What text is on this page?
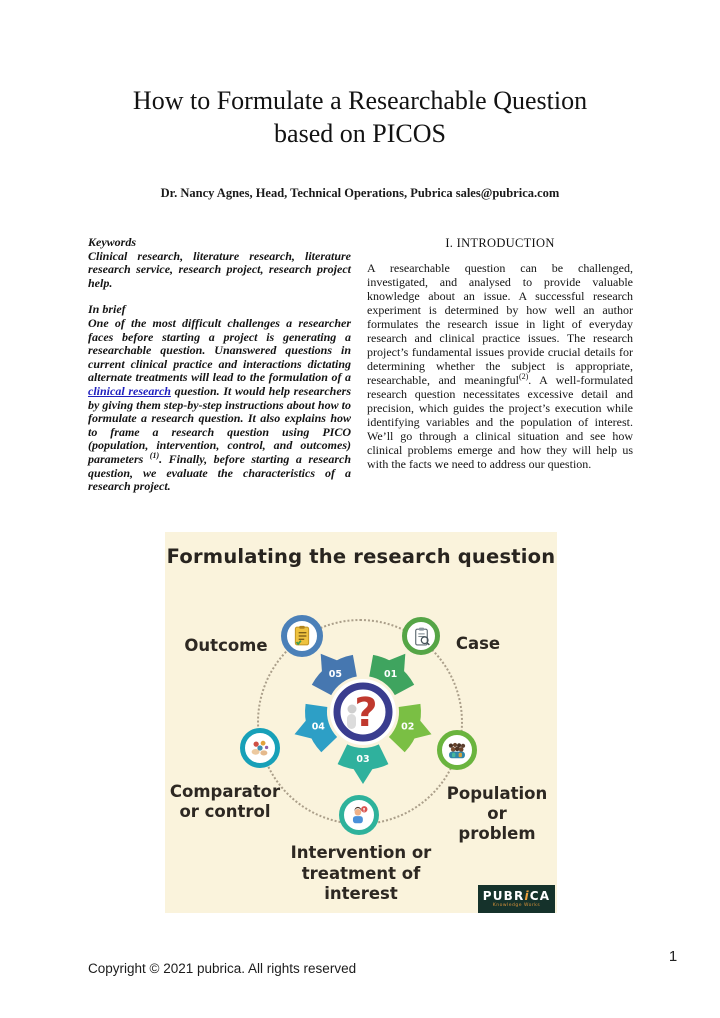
How to Formulate a Researchable Question
based on PICOS
Dr. Nancy Agnes, Head, Technical Operations, Pubrica sales@pubrica.com

Keywords

Clinical research, literature research, literature research service, research project, research project help.

In brief

One of the most difficult challenges a researcher faces before starting a project is generating a researchable question. Unanswered questions in current clinical practice and interactions dictating alternate treatments will lead to the formulation of a clinical research question. It would help researchers by giving them step-by-step instructions about how to formulate a research question. It also explains how to frame a research question using PICO (population, intervention, control, and outcomes) parameters $^{(1)}$. Finally, before starting a research question, we evaluate the characteristics of a research project.

I. INTRODUCTION

A researchable question can be challenged, investigated, and analysed to provide valuable knowledge about an issue. A successful research experiment is determined by how well an author formulates the research issue in light of everyday research and clinical practice issues. The research project’s fundamental issues provide crucial details for determining whether the subject is appropriate, researchable, and meaningful$^{(2)}$. A well-formulated research question necessitates excessive detail and precision, which guides the project’s execution while identifying variables and the population of interest. We’ll go through a clinical situation and see how clinical problems emerge and how they will help us with the facts we need to address our question.

Formulating the research question
01
02
03
04
05
?
Outcome	Case
Comparator
or control
Population or
problem
Intervention or
treatment of interest	PUBRiCA
Knowledge Works
Copyright © 2021 pubrica. All rights reserved
1
